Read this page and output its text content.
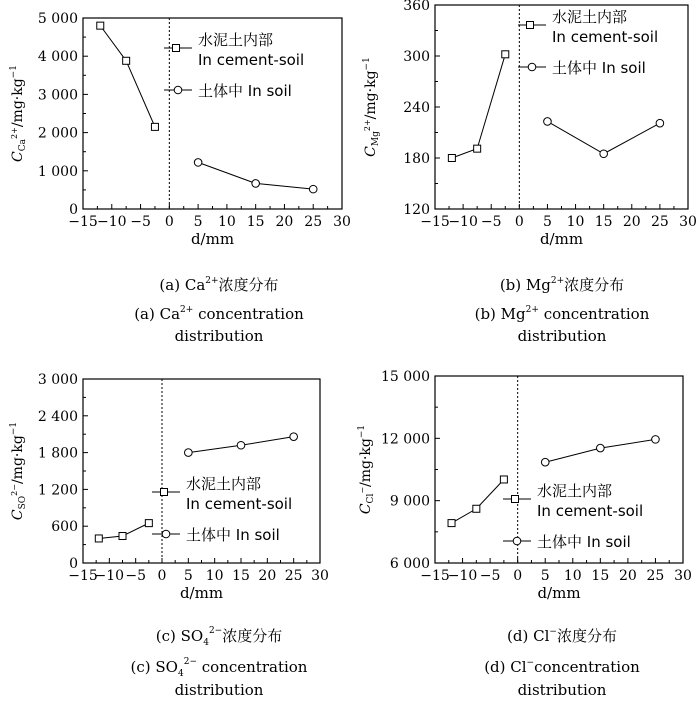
−15 −10 −5 0 5 10 15 20 25 30
0
1 000
2 000
3 000
4 000
5 000
d/mm
$C_{Ca}^{2+}/mg\cdot kg^{-1}$
水泥土内部
In cement-soil
土体中 In soil
(a) $Ca^{2+}$浓度分布
(a) $Ca^{2+}$ concentration
distribution
−15
−10 −5 0 5 10 15 20 25 30
120
180
240
300
360
d/mm
$C_{Mg}^{2+}/mg\cdot kg^{-1}$
水泥土内部
In cement-soil
土体中 In soil
(b) $Mg^{2+}$浓度分布
(b) $Mg^{2+}$ concentration
distribution
−15
−10 −5 0 5 10 15 20 25 30
0
600
1 200
1 800
2 400
3 000
d/mm
$C_{SO}^{2-}/mg\cdot kg^{-1}$
水泥土内部
In cement-soil
土体中 In soil
(c) $SO_4^{2-}$浓度分布
(c) $SO_4^{2-}$ concentration
distribution
−15
−10 −5 0 5 10 15 20 25 30
6 000
9 000
12 000
15 000
d/mm
$C_{Cl}^-/mg\cdot kg^{-1}$
水泥土内部
In cement-soil
土体中 In soil
(d) Cl−浓度分布
(d) Cl−concentration
distribution
